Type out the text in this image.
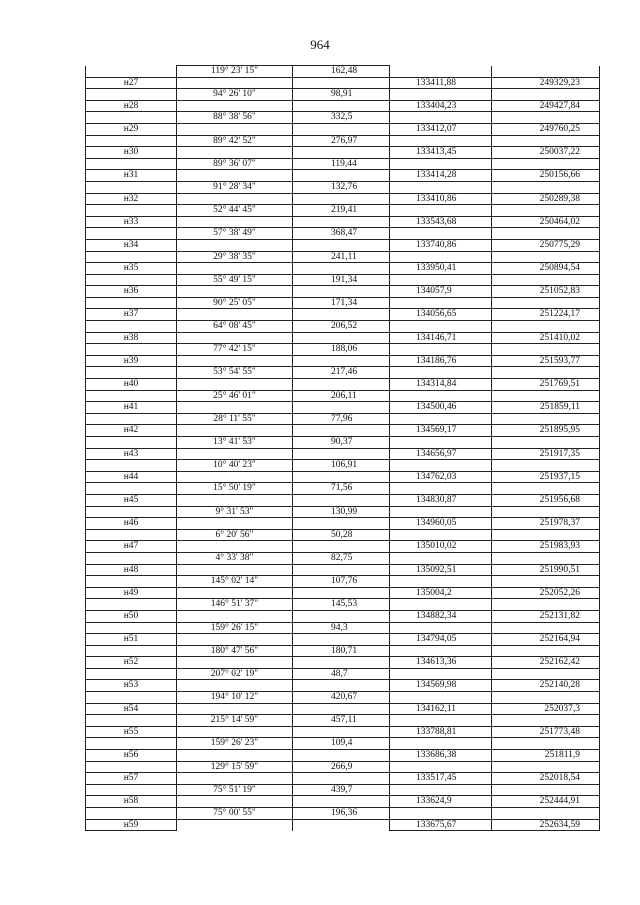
964
	119° 23' 15"	162,48		
н27			133411,88	249329,23
	94° 26' 10"	98,91		
н28			133404,23	249427,84
	88° 38' 56"	332,5		
н29			133412,07	249760,25
	89° 42' 52"	276,97		
н30			133413,45	250037,22
	89° 36' 07"	119,44		
н31			133414,28	250156,66
	91° 28' 34"	132,76		
н32			133410,86	250289,38
	52° 44' 45"	219,41		
н33			133543,68	250464,02
	57° 38' 49"	368,47		
н34			133740,86	250775,29
	29° 38' 35"	241,11		
н35			133950,41	250894,54
	55° 49' 15"	191,34		
н36			134057,9	251052,83
	90° 25' 05"	171,34		
н37			134056,65	251224,17
	64° 08' 45"	206,52		
н38			134146,71	251410,02
	77° 42' 15"	188,06		
н39			134186,76	251593,77
	53° 54' 55"	217,46		
н40			134314,84	251769,51
	25° 46' 01"	206,11		
н41			134500,46	251859,11
	28° 11' 55"	77,96		
н42			134569,17	251895,95
	13° 41' 53"	90,37		
н43			134656,97	251917,35
	10° 40' 23"	106,91		
н44			134762,03	251937,15
	15° 50' 19"	71,56		
н45			134830,87	251956,68
	9° 31' 53"	130,99		
н46			134960,05	251978,37
	6° 20' 56"	50,28		
н47			135010,02	251983,93
	4° 33' 38"	82,75		
н48			135092,51	251990,51
	145° 02' 14"	107,76		
н49			135004,2	252052,26
	146° 51' 37"	145,53		
н50			134882,34	252131,82
	159° 26' 15"	94,3		
н51			134794,05	252164,94
	180° 47' 56"	180,71		
н52			134613,36	252162,42
	207° 02' 19"	48,7		
н53			134569,98	252140,28
	194° 10' 12"	420,67		
н54			134162,11	252037,3
	215° 14' 59"	457,11		
н55			133788,81	251773,48
	159° 26' 23"	109,4		
н56			133686,38	251811,9
	129° 15' 59"	266,9		
н57			133517,45	252018,54
	75° 51' 19"	439,7		
н58			133624,9	252444,91
	75° 00' 55"	196,36		
н59			133675,67	252634,59
